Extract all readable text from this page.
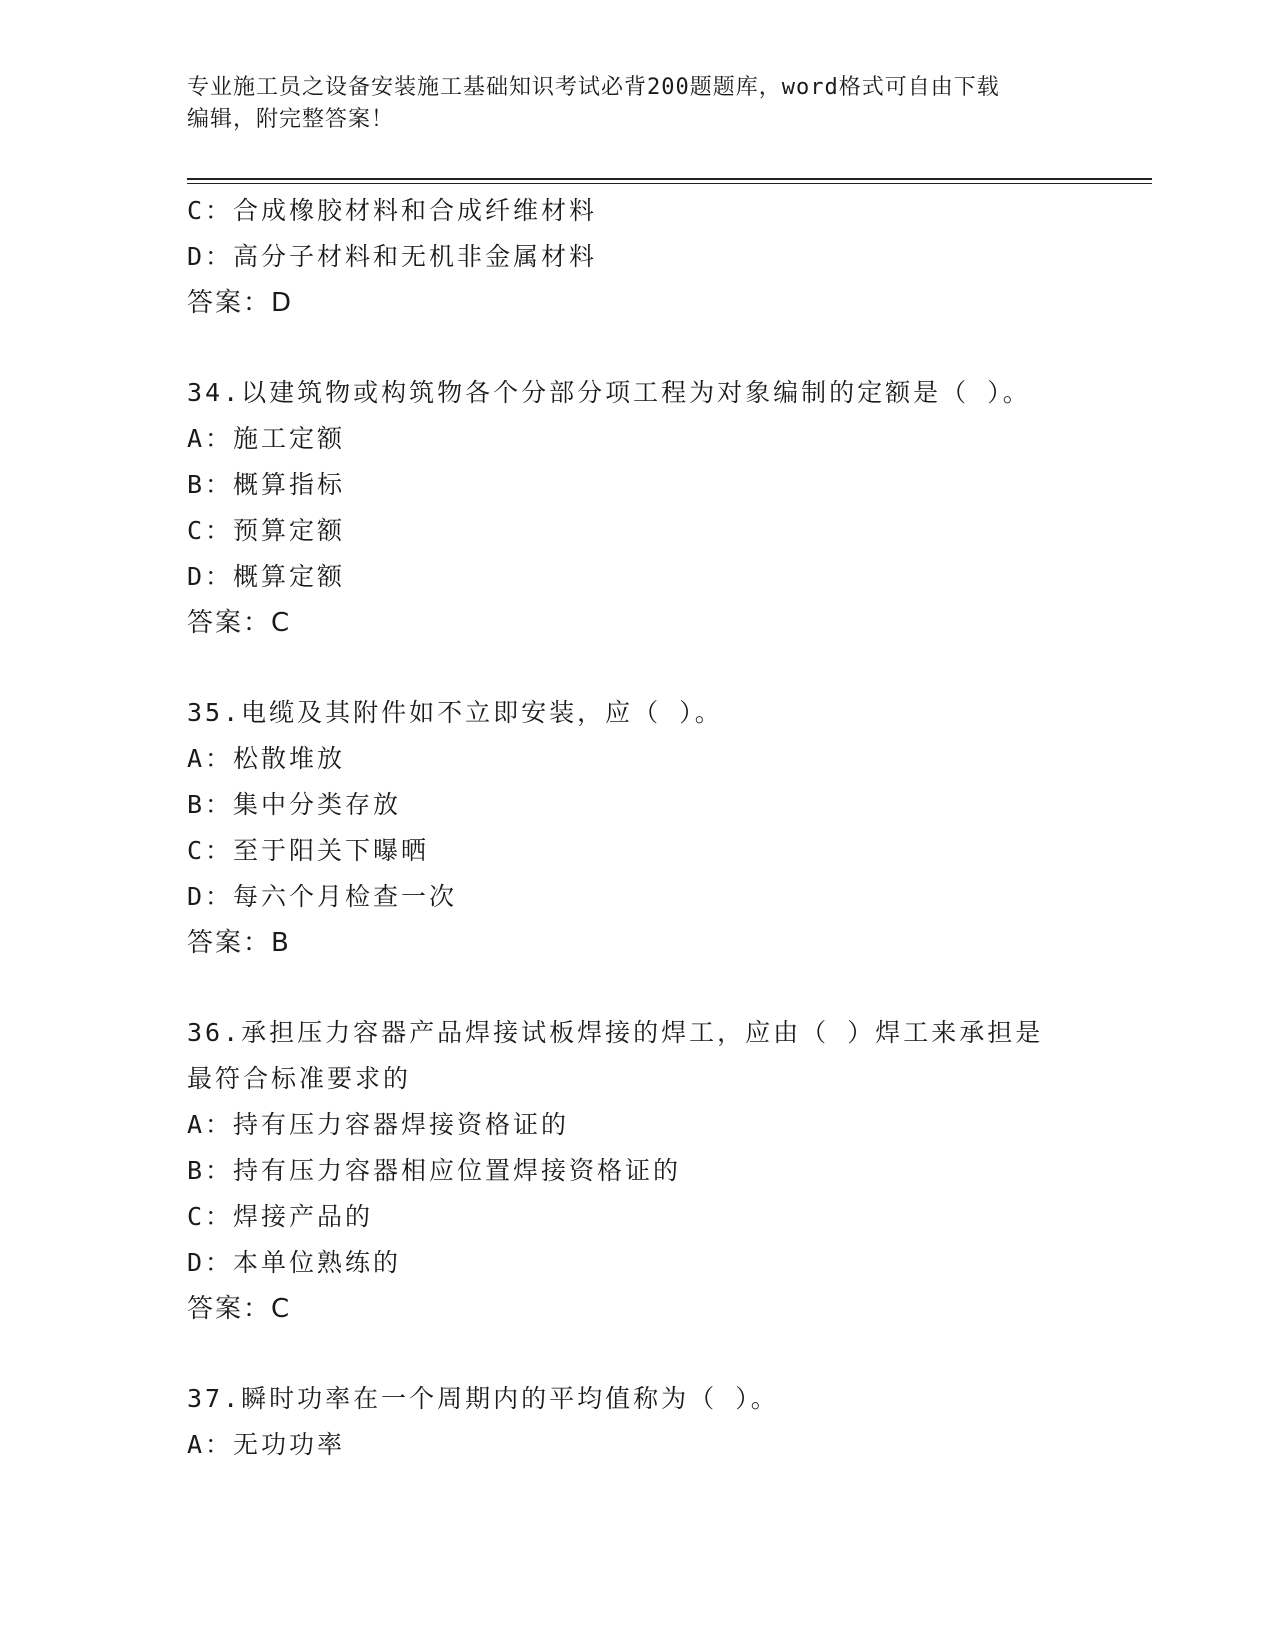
专业施工员之设备安装施工基础知识考试必背200题题库，word格式可自由下载
编辑，附完整答案！
C：合成橡胶材料和合成纤维材料
D：高分子材料和无机非金属材料
答案：D
34.以建筑物或构筑物各个分部分项工程为对象编制的定额是（ ）。
A：施工定额
B：概算指标
C：预算定额
D：概算定额
答案：C
35.电缆及其附件如不立即安装，应（ ）。
A：松散堆放
B：集中分类存放
C：至于阳关下曝晒
D：每六个月检查一次
答案：B
36.承担压力容器产品焊接试板焊接的焊工，应由（ ）焊工来承担是
最符合标准要求的
A：持有压力容器焊接资格证的
B：持有压力容器相应位置焊接资格证的
C：焊接产品的
D：本单位熟练的
答案：C
37.瞬时功率在一个周期内的平均值称为（ ）。
A：无功功率
